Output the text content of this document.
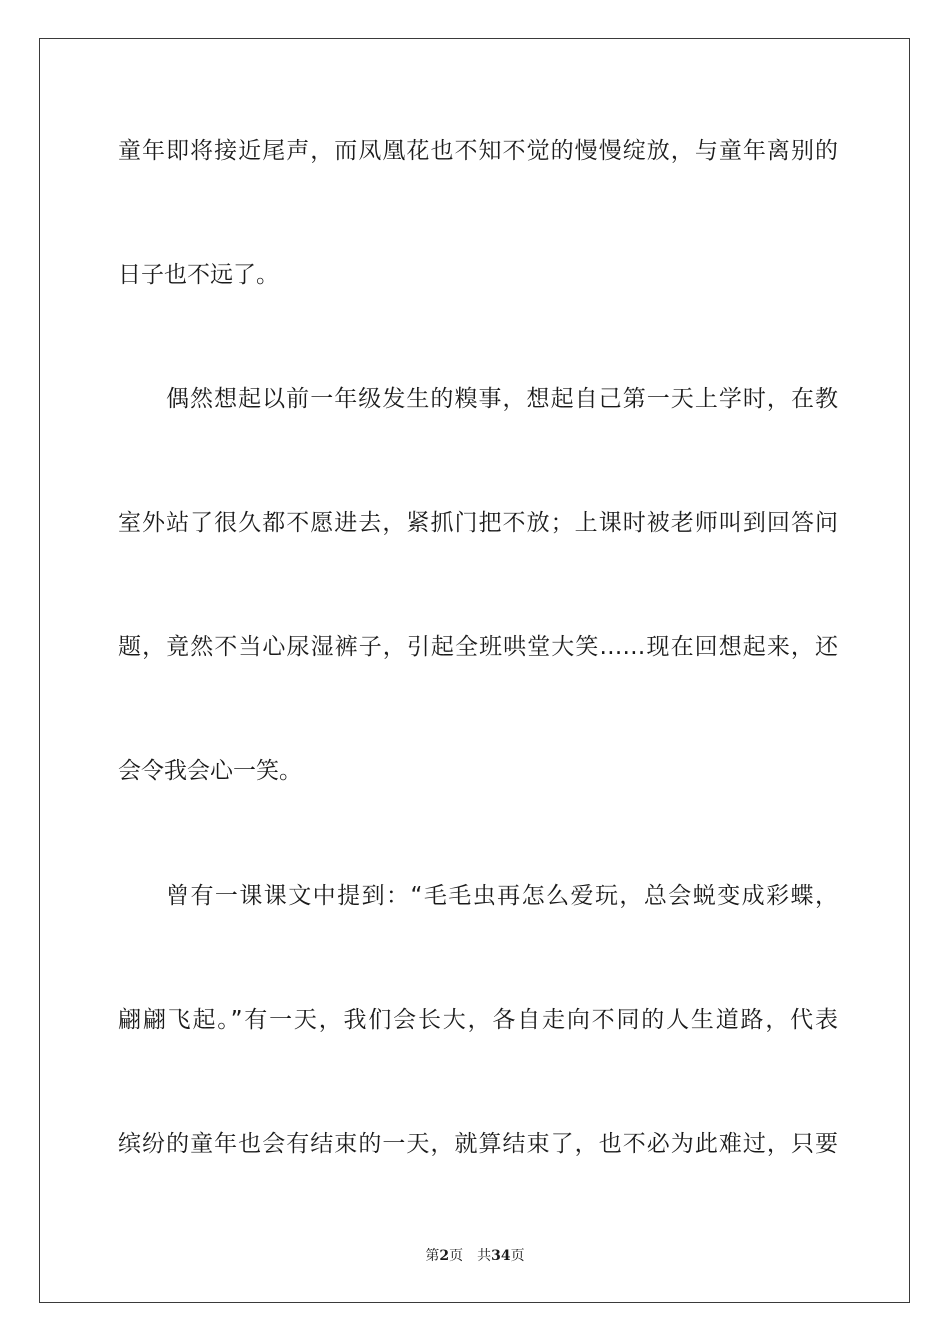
童年即将接近尾声，而凤凰花也不知不觉的慢慢绽放，与童年离别的

日子也不远了。

偶然想起以前一年级发生的糗事，想起自己第一天上学时，在教

室外站了很久都不愿进去，紧抓门把不放；上课时被老师叫到回答问

题，竟然不当心尿湿裤子，引起全班哄堂大笑……现在回想起来，还

会令我会心一笑。

曾有一课课文中提到：“毛毛虫再怎么爱玩，总会蜕变成彩蝶，

翩翩飞起。”有一天，我们会长大，各自走向不同的人生道路，代表

缤纷的童年也会有结束的一天，就算结束了，也不必为此难过，只要

第2页 共34页
